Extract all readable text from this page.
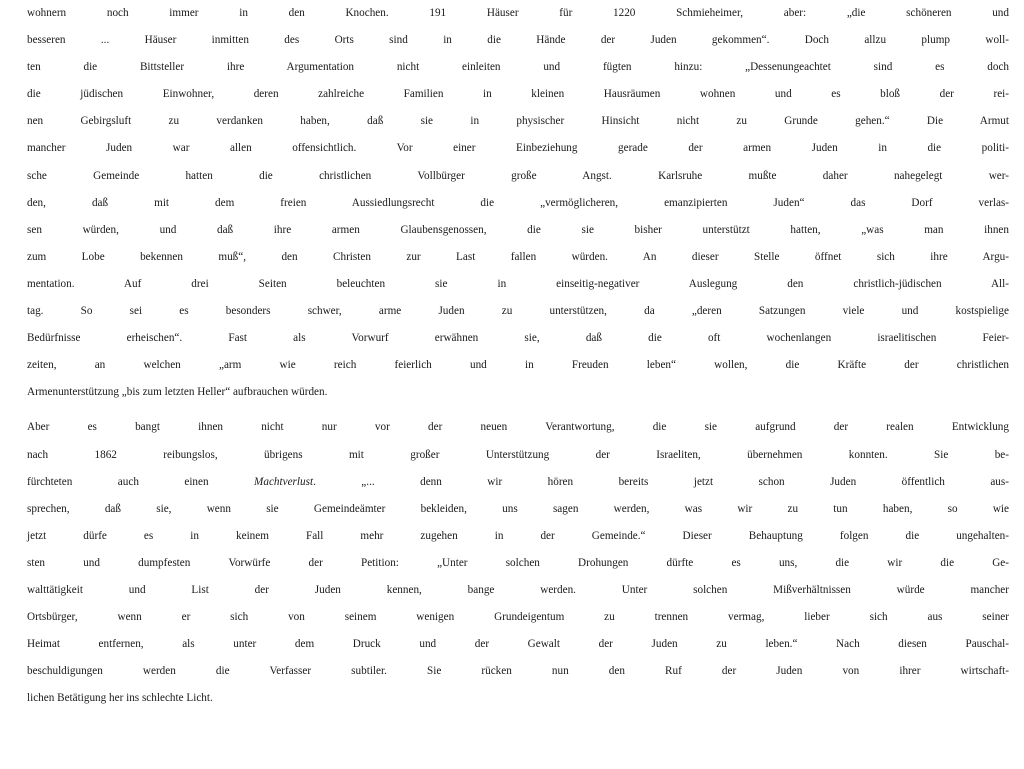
wohnern noch immer in den Knochen. 191 Häuser für 1220 Schmieheimer, aber: „die schöneren und
besseren ... Häuser inmitten des Orts sind in die Hände der Juden gekommen“. Doch allzu plump woll-
ten die Bittsteller ihre Argumentation nicht einleiten und fügten hinzu: „Dessenungeachtet sind es doch
die jüdischen Einwohner, deren zahlreiche Familien in kleinen Hausräumen wohnen und es bloß der rei-
nen Gebirgsluft zu verdanken haben, daß sie in physischer Hinsicht nicht zu Grunde gehen.“ Die Armut
mancher Juden war allen offensichtlich. Vor einer Einbeziehung gerade der armen Juden in die politi-
sche Gemeinde hatten die christlichen Vollbürger große Angst. Karlsruhe mußte daher nahegelegt wer-
den, daß mit dem freien Aussiedlungsrecht die „vermöglicheren, emanzipierten Juden“ das Dorf verlas-
sen würden, und daß ihre armen Glaubensgenossen, die sie bisher unterstützt hatten, „was man ihnen
zum Lobe bekennen muß“, den Christen zur Last fallen würden. An dieser Stelle öffnet sich ihre Argu-
mentation. Auf drei Seiten beleuchten sie in einseitig-negativer Auslegung den christlich-jüdischen All-
tag. So sei es besonders schwer, arme Juden zu unterstützen, da „deren Satzungen viele und kostspielige
Bedürfnisse erheischen“. Fast als Vorwurf erwähnen sie, daß die oft wochenlangen israelitischen Feier-
zeiten, an welchen „arm wie reich feierlich und in Freuden leben“ wollen, die Kräfte der christlichen
Armenunterstützung „bis zum letzten Heller“ aufbrauchen würden.
Aber es bangt ihnen nicht nur vor der neuen Verantwortung, die sie aufgrund der realen Entwicklung
nach 1862 reibungslos, übrigens mit großer Unterstützung der Israeliten, übernehmen konnten. Sie be-
fürchteten auch einen Machtverlust. „... denn wir hören bereits jetzt schon Juden öffentlich aus-
sprechen, daß sie, wenn sie Gemeindeämter bekleiden, uns sagen werden, was wir zu tun haben, so wie
jetzt dürfe es in keinem Fall mehr zugehen in der Gemeinde.“ Dieser Behauptung folgen die ungehalten-
sten und dumpfesten Vorwürfe der Petition: „Unter solchen Drohungen dürfte es uns, die wir die Ge-
walttätigkeit und List der Juden kennen, bange werden. Unter solchen Mißverhältnissen würde mancher
Ortsbürger, wenn er sich von seinem wenigen Grundeigentum zu trennen vermag, lieber sich aus seiner
Heimat entfernen, als unter dem Druck und der Gewalt der Juden zu leben.“ Nach diesen Pauschal-
beschuldigungen werden die Verfasser subtiler. Sie rücken nun den Ruf der Juden von ihrer wirtschaft-
lichen Betätigung her ins schlechte Licht.
